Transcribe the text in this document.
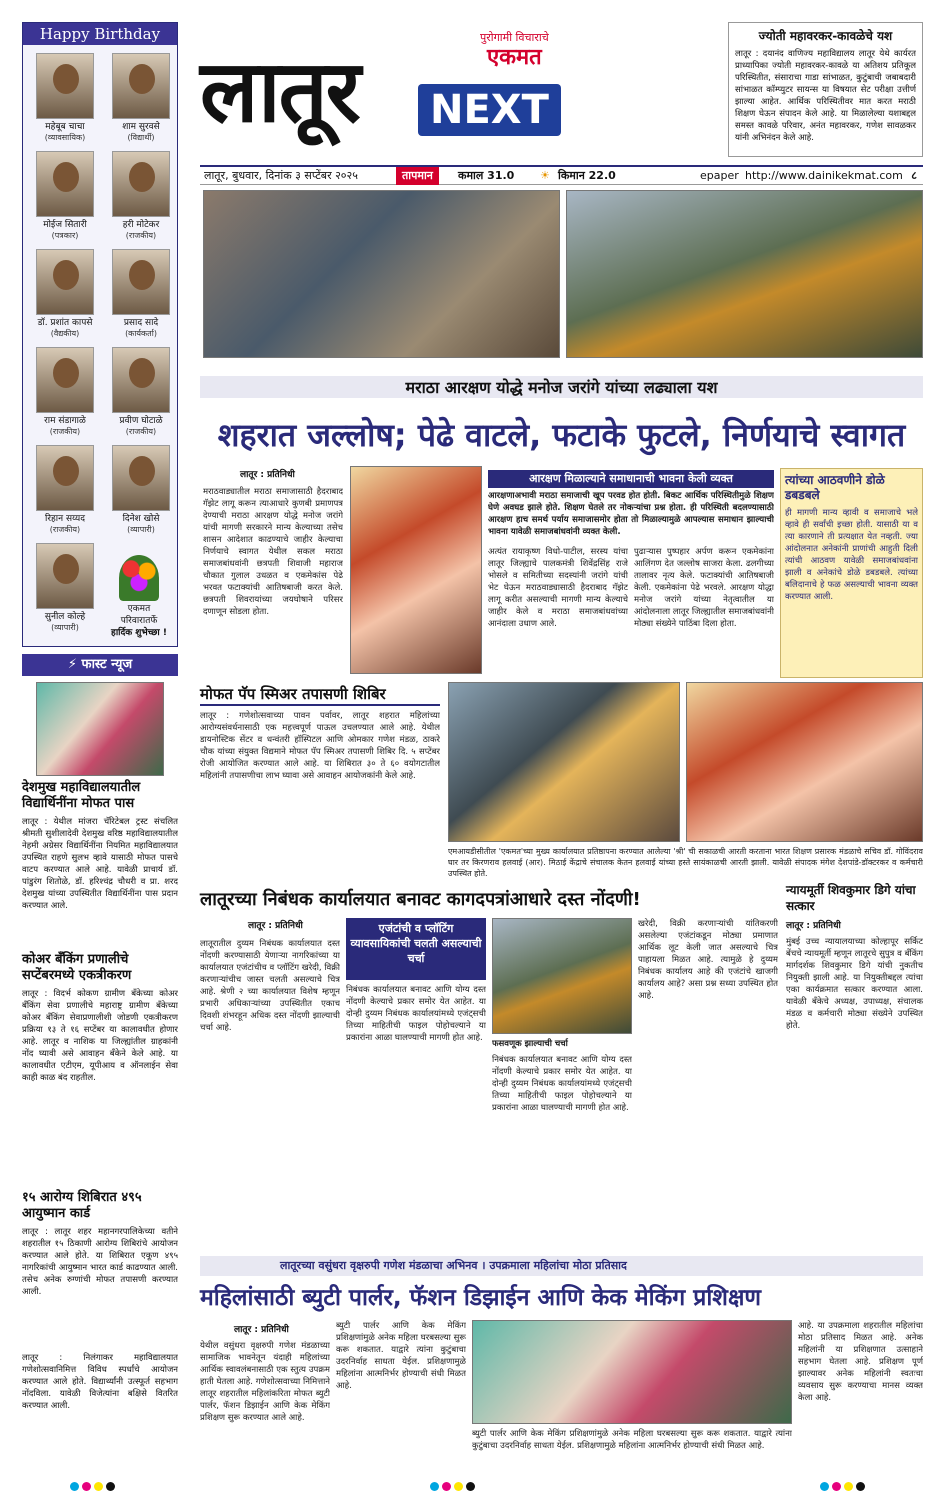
Happy Birthday
महेबूब चाचा
(व्यावसायिक)
शाम सुरवसे
(विद्यार्थी)
मोईज सितारी
(पत्रकार)
हरी मोटेकर
(राजकीय)
डॉ. प्रशांत कापसे
(वैद्यकीय)
प्रसाद सादे
(कार्यकर्ता)
राम संडागाळे
(राजकीय)
प्रवीण घोटाळे
(राजकीय)
रिहान सय्यद
(राजकीय)
दिनेश खोसे
(व्यापारी)
सुनील कोल्हे
(व्यापारी)
एकमत
परिवारातर्फे
हार्दिक शुभेच्छा !
⚡ फास्ट न्यूज
देशमुख महाविद्यालयातील विद्यार्थिनींना मोफत पास
लातूर : येथील मांजरा चॅरिटेबल ट्रस्ट संचलित श्रीमती सुशीलादेवी देशमुख वरिष्ठ महाविद्यालयातील नेहमी अग्रेसर विद्यार्थिनींना नियमित महाविद्यालयात उपस्थित राहणे सुलभ व्हावे यासाठी मोफत पासचे वाटप करण्यात आले आहे. यावेळी प्राचार्य डॉ. पांडुरंग शितोळे, डॉ. हरिश्चंद्र चौधरी व प्रा. शरद देशमुख यांच्या उपस्थितीत विद्यार्थिनींना पास प्रदान करण्यात आले.
कोअर बँकिंग प्रणालीचे सप्टेंबरमध्ये एकत्रीकरण
लातूर : विदर्भ कोकण ग्रामीण बँकेच्या कोअर बँकिंग सेवा प्रणालीचे महाराष्ट्र ग्रामीण बँकेच्या कोअर बँकिंग सेवाप्रणालीशी जोडणी एकत्रीकरण प्रक्रिया १३ ते १६ सप्टेंबर या कालावधीत होणार आहे. लातूर व नाशिक या जिल्ह्यांतील ग्राहकांनी नोंद घ्यावी असे आवाहन बँकेने केले आहे. या कालावधीत एटीएम, यूपीआय व ऑनलाईन सेवा काही काळ बंद राहतील.
१५ आरोग्य शिबिरात ४९५ आयुष्मान कार्ड
लातूर : लातूर शहर महानगरपालिकेच्या वतीने शहरातील १५ ठिकाणी आरोग्य शिबिरांचे आयोजन करण्यात आले होते. या शिबिरात एकूण ४९५ नागरिकांची आयुष्मान भारत कार्ड काढण्यात आली. तसेच अनेक रुग्णांची मोफत तपासणी करण्यात आली.
लातूर : निलंगाकर महाविद्यालयात गणेशोत्सवानिमित्त विविध स्पर्धांचे आयोजन करण्यात आले होते. विद्यार्थ्यांनी उत्स्फूर्त सहभाग नोंदविला. यावेळी विजेत्यांना बक्षिसे वितरित करण्यात आली.
लातूर
पुरोगामी विचाराचे
एकमत
NEXT
ज्योती महावरकर-कावळेचे यश
लातूर : दयानंद वाणिज्य महाविद्यालय लातूर येथे कार्यरत प्राध्यापिका ज्योती महावरकर-कावळे या अतिशय प्रतिकूल परिस्थितीत, संसाराचा गाडा सांभाळत, कुटुंबाची जबाबदारी सांभाळत कॉम्प्युटर सायन्स या विषयात सेट परीक्षा उत्तीर्ण झाल्या आहेत. आर्थिक परिस्थितीवर मात करत मराठी शिक्षण घेऊन संपादन केले आहे. या मिळालेल्या यशाबद्दल समस्त कावळे परिवार, अनंत महावरकर, गणेश सावळकर यांनी अभिनंदन केले आहे.
लातूर, बुधवार, दिनांक ३ सप्टेंबर २०२५	तापमान	कमाल 31.0 ☀ किमान 22.0	epaper http://www.dainikekmat.com ८
मराठा आरक्षण योद्धे मनोज जरांगे यांच्या लढ्याला यश
शहरात जल्लोष; पेढे वाटले, फटाके फुटले, निर्णयाचे स्वागत
लातूर : प्रतिनिधी
मराठवाड्यातील मराठा समाजासाठी हैदराबाद गॅझेट लागू करून त्याआधारे कुणबी प्रमाणपत्र देण्याची मराठा आरक्षण योद्धे मनोज जरांगे यांची मागणी सरकारने मान्य केल्याच्या तसेच शासन आदेशात काढण्याचे जाहीर केल्याचा निर्णयाचे स्वागत येथील सकल मराठा समाजबांधवांनी छत्रपती शिवाजी महाराज चौकात गुलाल उधळत व एकमेकांस पेढे भरवत फटाक्यांची आतिषबाजी करत केले. छत्रपती शिवरायांच्या जयघोषाने परिसर दणाणून सोडला होता.
आरक्षण मिळाल्याने समाधानाची भावना केली व्यक्त
आरक्षणाअभावी मराठा समाजाची खूप परवड होत होती. बिकट आर्थिक परिस्थितीमुळे शिक्षण घेणे अवघड झाले होते. शिक्षण घेतले तर नोकऱ्यांचा प्रश्न होता. ही परिस्थिती बदलण्यासाठी आरक्षण हाच समर्थ पर्याय समाजासमोर होता तो मिळाल्यामुळे आपल्यास समाधान झाल्याची भावना यावेळी समाजबांधवांनी व्यक्त केली.
अत्यंत रायाकृष्ण विधो-पाटील, सरस्य यांचा लातूर जिल्ह्याचे पालकमंत्री शिवेंद्रसिंह राजे भोसले व समितीच्या सदस्यांनी जरांगे यांची भेट घेऊन मराठवाड्यासाठी हैदराबाद गॅझेट लागू करीत असल्याची मागणी मान्य केल्याचे जाहीर केले व मराठा समाजबांधवांच्या आनंदाला उधाण आले.
पुढाऱ्यास पुष्पहार अर्पण करून एकमेकांना आलिंगण देत जल्लोष साजरा केला. ढलगीच्या तालावर नृत्य केले. फटाक्यांची आतिषबाजी केली. एकमेकांना पेढे भरवले. आरक्षण योद्धा मनोज जरांगे यांच्या नेतृत्वातील या आंदोलनाला लातूर जिल्ह्यातील समाजबांधवांनी मोठ्या संख्येने पाठिंबा दिला होता.
त्यांच्या आठवणीने डोळे डबडबले
ही मागणी मान्य व्हावी व समाजाचे भले व्हावे ही सर्वांची इच्छा होती. यासाठी या व त्या कारणाने ती प्रत्यक्षात येत नव्हती. ज्या आंदोलनात अनेकांनी प्राणांची आहुती दिली त्यांची आठवण यावेळी समाजबांधवांना झाली व अनेकांचे डोळे डबडबले. त्यांच्या बलिदानाचे हे फळ असल्याची भावना व्यक्त करण्यात आली.
मोफत पॅप स्मिअर तपासणी शिबिर
लातूर : गणेशोत्सवाच्या पावन पर्वावर, लातूर शहरात महिलांच्या आरोग्यसंवर्धनासाठी एक महत्त्वपूर्ण पाऊल उचलण्यात आले आहे. येथील डायनोस्टिक सेंटर व धन्वंतरी हॉस्पिटल आणि ओमकार गणेश मंडळ, ठाकरे चौक यांच्या संयुक्त विद्यमाने मोफत पॅप स्मिअर तपासणी शिबिर दि. ५ सप्टेंबर रोजी आयोजित करण्यात आले आहे. या शिबिरात ३० ते ६० वयोगटातील महिलांनी तपासणीचा लाभ घ्यावा असे आवाहन आयोजकांनी केले आहे.
एमआयडीसीतील 'एकमत'च्या मुख्य कार्यालयात प्रतिष्ठापना करण्यात आलेल्या 'श्री' ची सकाळची आरती करताना भारत शिक्षण प्रसारक मंडळाचे सचिव डॉ. गोविंदराव घार तर किरणराव हलवाई (आर). मिठाई केंद्राचे संचालक केतन हलवाई यांच्या हस्ते सायंकाळची आरती झाली. यावेळी संपादक मंगेश देशपांडे-डॉक्टरकर व कर्मचारी उपस्थित होते.
लातूरच्या निबंधक कार्यालयात बनावट कागदपत्रांआधारे दस्त नोंदणी!
लातूर : प्रतिनिधी
लातूरातील दुय्यम निबंधक कार्यालयात दस्त नोंदणी करण्यासाठी येणाऱ्या नागरिकांच्या या कार्यालयात एजंटांचीच व प्लॉटिंग खरेदी, विक्री करणाऱ्यांचीच जास्त चलती असल्याचे चित्र आहे. श्रेणी २ च्या कार्यालयात विशेष म्हणून प्रभारी अधिकाऱ्यांच्या उपस्थितीत एकाच दिवशी शंभरहून अधिक दस्त नोंदणी झाल्याची चर्चा आहे.
एजंटांची व प्लॉटिंग व्यावसायिकांची चलती असल्याची चर्चा
निबंधक कार्यालयात बनावट आणि योग्य दस्त नोंदणी केल्याचे प्रकार समोर येत आहेत. या दोन्ही दुय्यम निबंधक कार्यालयांमध्ये एजंट्सची तिच्या माहितीची फाइल पोहोचल्याने या प्रकारांना आळा घालण्याची मागणी होत आहे.
फसवणूक झाल्याची चर्चा
निबंधक कार्यालयात बनावट आणि योग्य दस्त नोंदणी केल्याचे प्रकार समोर येत आहेत. या दोन्ही दुय्यम निबंधक कार्यालयांमध्ये एजंट्सची तिच्या माहितीची फाइल पोहोचल्याने या प्रकारांना आळा घालण्याची मागणी होत आहे.
खरेदी, विक्री करणाऱ्यांची यांतिकरणी असलेल्या एजंटांकडून मोठ्या प्रमाणात आर्थिक लूट केली जात असल्याचे चित्र पाहायला मिळत आहे. त्यामुळे हे दुय्यम निबंधक कार्यालय आहे की एजंटांचे खाजगी कार्यालय आहे? असा प्रश्न सध्या उपस्थित होत आहे.
न्यायमूर्ती शिवकुमार डिगे यांचा सत्कार
लातूर : प्रतिनिधी
मुंबई उच्च न्यायालयाच्या कोल्हापूर सर्किट बेंचचे न्यायमूर्ती म्हणून लातूरचे सुपुत्र व बँकिंग मार्गदर्शक शिवकुमार डिगे यांची नुकतीच नियुक्ती झाली आहे. या नियुक्तीबद्दल त्यांचा एका कार्यक्रमात सत्कार करण्यात आला. यावेळी बँकेचे अध्यक्ष, उपाध्यक्ष, संचालक मंडळ व कर्मचारी मोठ्या संख्येने उपस्थित होते.
लातूरच्या वसुंधरा वृक्षरुपी गणेश मंडळाचा अभिनव । उपक्रमाला महिलांचा मोठा प्रतिसाद
महिलांसाठी ब्युटी पार्लर, फॅशन डिझाईन आणि केक मेकिंग प्रशिक्षण
लातूर : प्रतिनिधी
येथील वसुंधरा वृक्षरुपी गणेश मंडळाच्या सामाजिक भावनेतून यंदाही महिलांच्या आर्थिक स्वावलंबनासाठी एक स्तुत्य उपक्रम हाती घेतला आहे. गणेशोत्सवाच्या निमित्ताने लातूर शहरातील महिलांकरिता मोफत ब्युटी पार्लर, फॅशन डिझाईन आणि केक मेकिंग प्रशिक्षण सुरू करण्यात आले आहे.
ब्युटी पार्लर आणि केक मेकिंग प्रशिक्षणांमुळे अनेक महिला घरबसल्या सुरू करू शकतात. याद्वारे त्यांना कुटुंबाचा उदरनिर्वाह साधता येईल. प्रशिक्षणामुळे महिलांना आत्मनिर्भर होण्याची संधी मिळत आहे.
ब्युटी पार्लर आणि केक मेकिंग प्रशिक्षणांमुळे अनेक महिला घरबसल्या सुरू करू शकतात. याद्वारे त्यांना कुटुंबाचा उदरनिर्वाह साधता येईल. प्रशिक्षणामुळे महिलांना आत्मनिर्भर होण्याची संधी मिळत आहे.
आहे. या उपक्रमाला शहरातील महिलांचा मोठा प्रतिसाद मिळत आहे. अनेक महिलांनी या प्रशिक्षणात उत्साहाने सहभाग घेतला आहे. प्रशिक्षण पूर्ण झाल्यावर अनेक महिलांनी स्वतःचा व्यवसाय सुरू करण्याचा मानस व्यक्त केला आहे.
